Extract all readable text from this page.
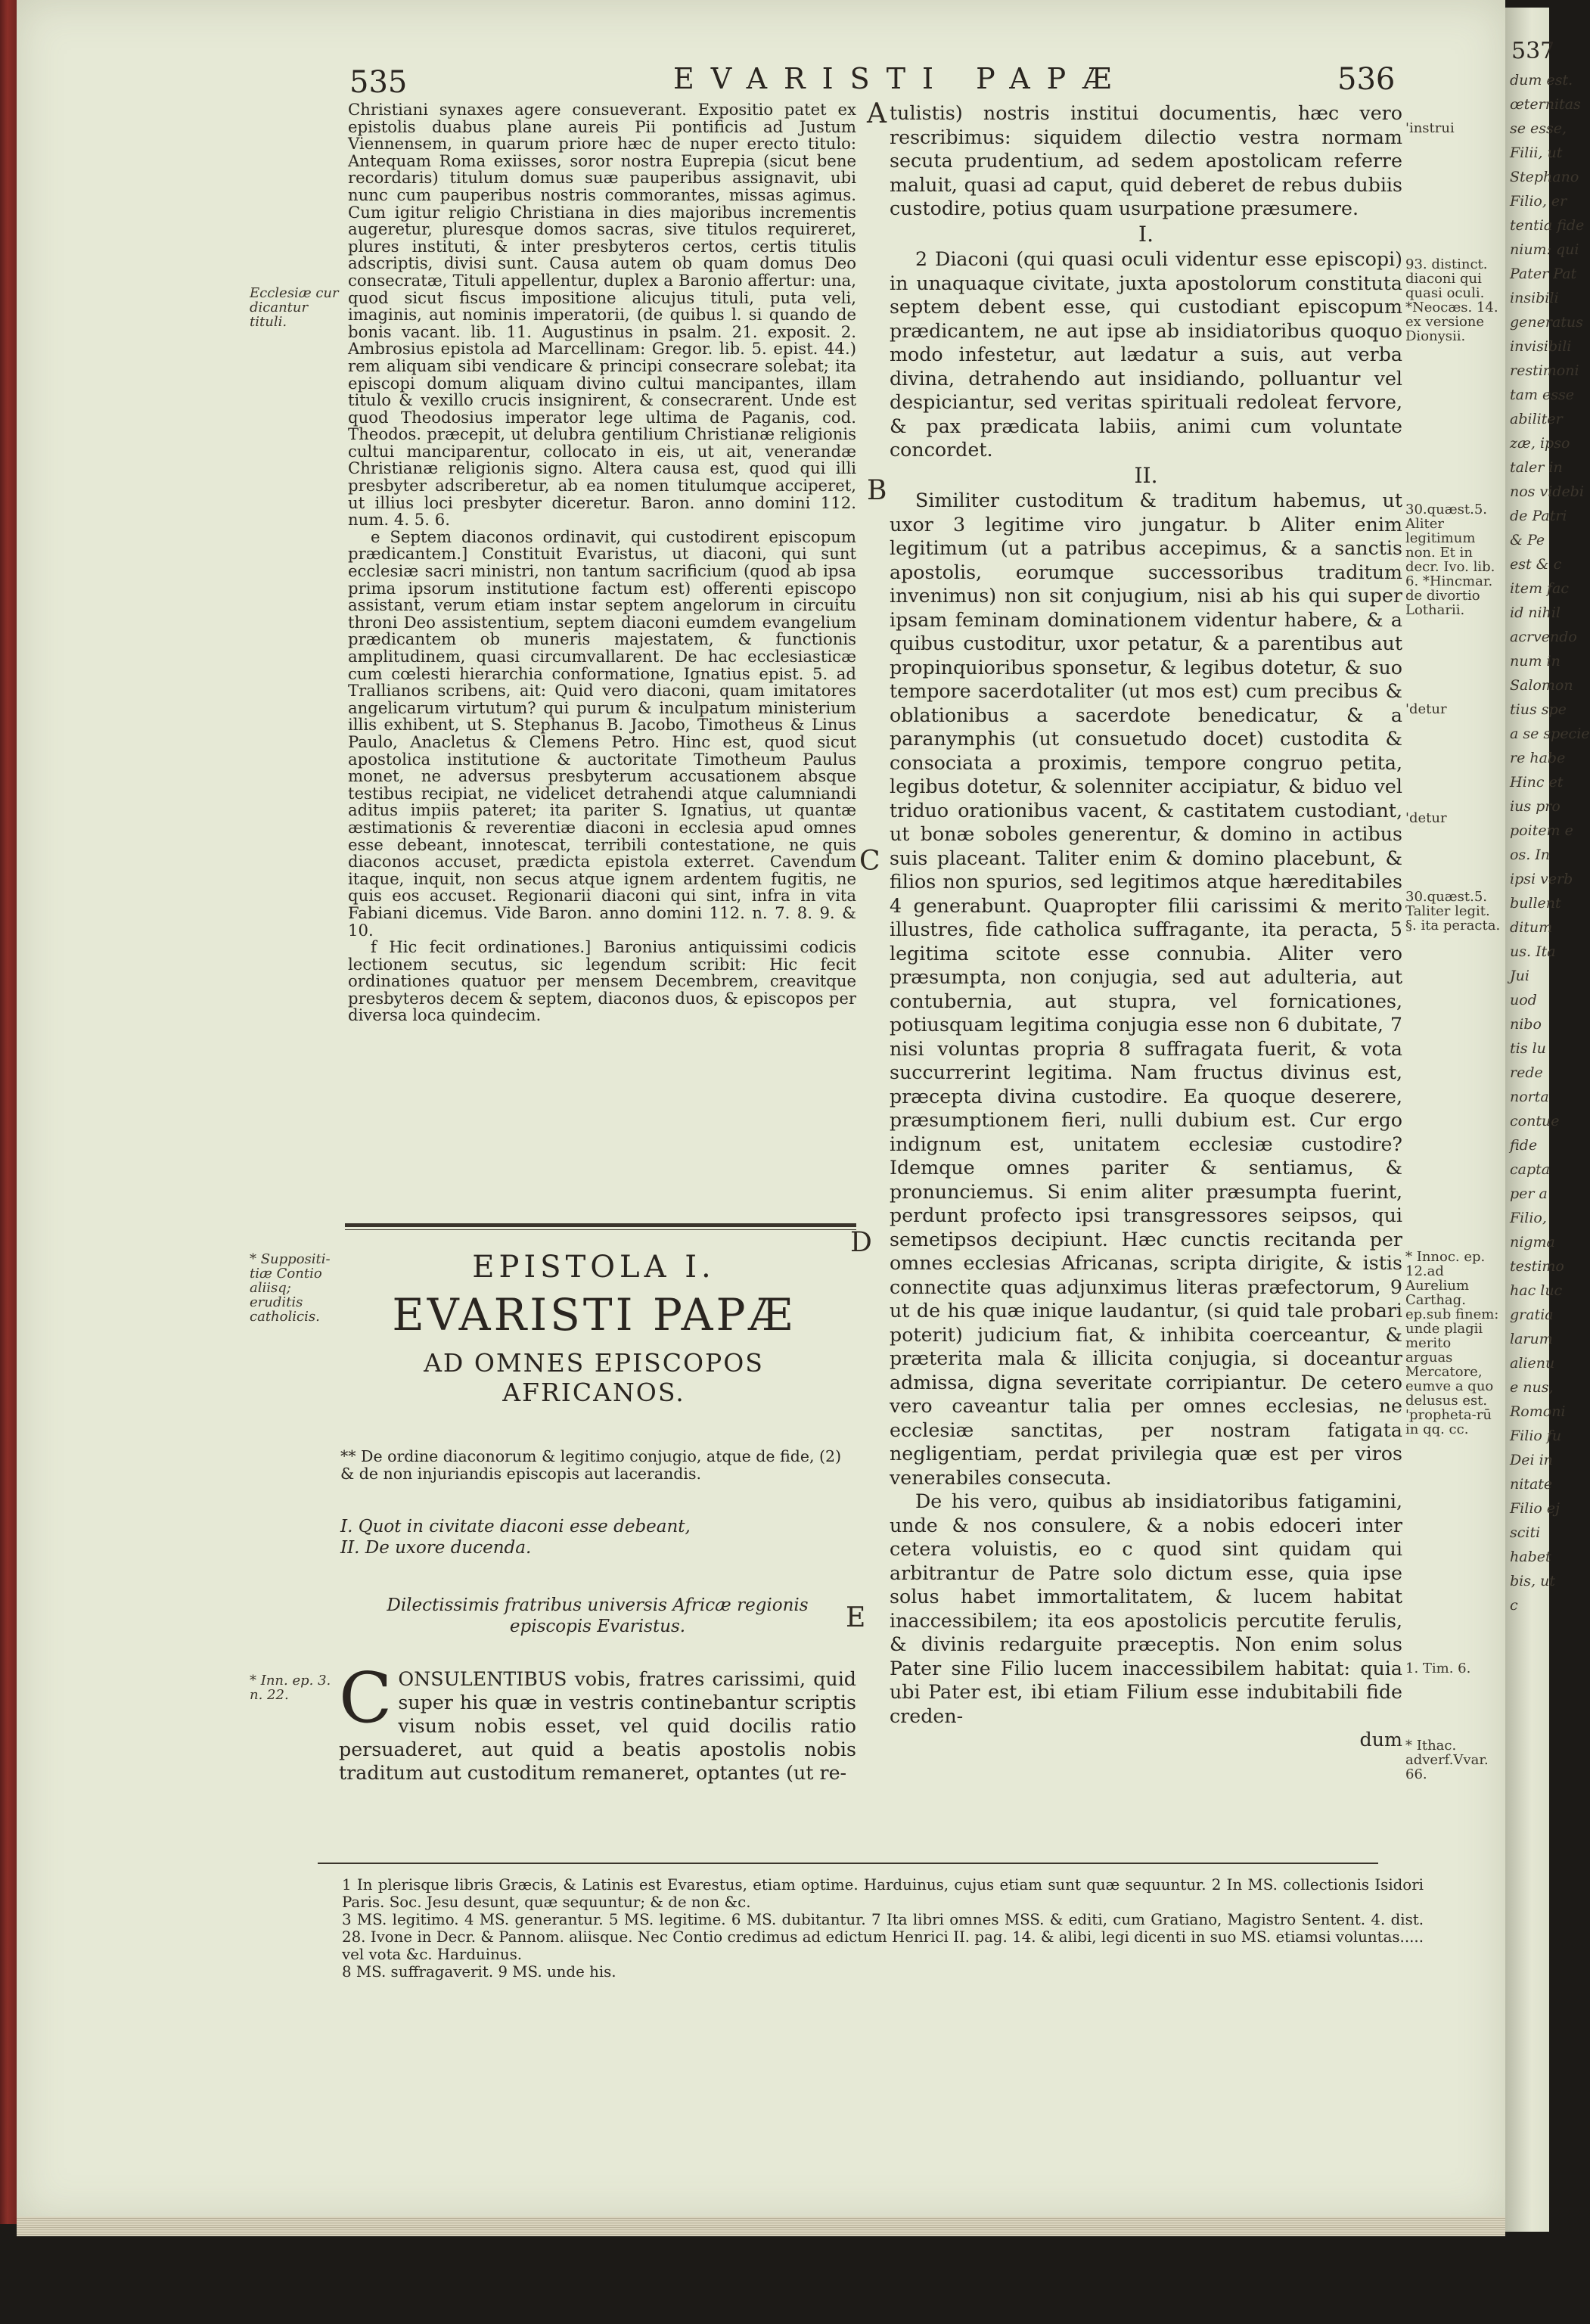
537
dum est.
œternitas
se esse,
Filii, ut
Stephano
Filio, er
tentia fide
nium: qui
Pater Pat
insibili
generatus
invisibili
restimoni
tam esse
abiliter
zæ, ipso
taler in
nos videbi
de Patri
& Pe
est & c
item fac
id nihil
acrvendo
num in
Salomon
tius spe
a se specie
re habe
Hinc et
ius pro
poitem e
os. In
ipsi verb
bullent
ditum
us. Ita
Jui
uod
nibo
tis lu
rede
norta
contue
fide
capta
per a
Filio,
nigma
testimo
hac luc
gratia
larum
alienu
e nus,
Romoni
Filio fu
Dei in
nitate
Filio ej
sciti
habet
bis, ut
c
535	EVARISTI PAPÆ	536

Christiani synaxes agere consueverant. Expositio patet ex epistolis duabus plane aureis Pii pontificis ad Justum Viennensem, in quarum priore hæc de nuper erecto titulo: Antequam Roma exiisses, soror nostra Euprepia (sicut bene recordaris) titulum domus suæ pauperibus assignavit, ubi nunc cum pauperibus nostris commorantes, missas agimus. Cum igitur religio Christiana in dies majoribus incrementis augeretur, pluresque domos sacras, sive titulos requireret, plures instituti, & inter presbyteros certos, certis titulis adscriptis, divisi sunt. Causa autem ob quam domus Deo consecratæ, Tituli appellentur, duplex a Baronio affertur: una, quod sicut fiscus impositione alicujus tituli, puta veli, imaginis, aut nominis imperatorii, (de quibus l. si quando de bonis vacant. lib. 11. Augustinus in psalm. 21. exposit. 2. Ambrosius epistola ad Marcellinam: Gregor. lib. 5. epist. 44.) rem aliquam sibi vendicare & principi consecrare solebat; ita episcopi domum aliquam divino cultui mancipantes, illam titulo & vexillo crucis insignirent, & consecrarent. Unde est quod Theodosius imperator lege ultima de Paganis, cod. Theodos. præcepit, ut delubra gentilium Christianæ religionis cultui manciparentur, collocato in eis, ut ait, venerandæ Christianæ religionis signo. Altera causa est, quod qui illi presbyter adscriberetur, ab ea nomen titulumque acciperet, ut illius loci presbyter diceretur. Baron. anno domini 112. num. 4. 5. 6.

e Septem diaconos ordinavit, qui custodirent episcopum prædicantem.] Constituit Evaristus, ut diaconi, qui sunt ecclesiæ sacri ministri, non tantum sacrificium (quod ab ipsa prima ipsorum institutione factum est) offerenti episcopo assistant, verum etiam instar septem angelorum in circuitu throni Deo assistentium, septem diaconi eumdem evangelium prædicantem ob muneris majestatem, & functionis amplitudinem, quasi circumvallarent. De hac ecclesiasticæ cum cœlesti hierarchia conformatione, Ignatius epist. 5. ad Trallianos scribens, ait: Quid vero diaconi, quam imitatores angelicarum virtutum? qui purum & inculpatum ministerium illis exhibent, ut S. Stephanus B. Jacobo, Timotheus & Linus Paulo, Anacletus & Clemens Petro. Hinc est, quod sicut apostolica institutione & auctoritate Timotheum Paulus monet, ne adversus presbyterum accusationem absque testibus recipiat, ne videlicet detrahendi atque calumniandi aditus impiis pateret; ita pariter S. Ignatius, ut quantæ æstimationis & reverentiæ diaconi in ecclesia apud omnes esse debeant, innotescat, terribili contestatione, ne quis diaconos accuset, prædicta epistola exterret. Cavendum itaque, inquit, non secus atque ignem ardentem fugitis, ne quis eos accuset. Regionarii diaconi qui sint, infra in vita Fabiani dicemus. Vide Baron. anno domini 112. n. 7. 8. 9. & 10.

f Hic fecit ordinationes.] Baronius antiquissimi codicis lectionem secutus, sic legendum scribit: Hic fecit ordinationes quatuor per mensem Decembrem, creavitque presbyteros decem & septem, diaconos duos, & episcopos per diversa loca quindecim.

Ecclesiæ cur dicantur tituli.
* Suppositi-tiæ Contio aliisq; eruditis catholicis.
* Inn. ep. 3. n. 22.
EPISTOLA I.
EVARISTI PAPÆ
AD OMNES EPISCOPOS AFRICANOS.
** De ordine diaconorum & legitimo conjugio, atque de fide, (2) & de non injuriandis episcopis aut lacerandis.
I. Quot in civitate diaconi esse debeant,
II. De uxore ducenda.
Dilectissimis fratribus universis Africæ regionis episcopis Evaristus.
C ONSULENTIBUS vobis, fratres carissimi, quid super his quæ in vestris continebantur scriptis visum nobis esset, vel quid docilis ratio persuaderet, aut quid a beatis apostolis nobis traditum aut custoditum remaneret, optantes (ut re-

tulistis) nostris institui documentis, hæc vero rescribimus: siquidem dilectio vestra normam secuta prudentium, ad sedem apostolicam referre maluit, quasi ad caput, quid deberet de rebus dubiis custodire, potius quam usurpatione præsumere.

I.

2 Diaconi (qui quasi oculi videntur esse episcopi) in unaquaque civitate, juxta apostolorum constituta septem debent esse, qui custodiant episcopum prædicantem, ne aut ipse ab insidiatoribus quoquo modo infestetur, aut lædatur a suis, aut verba divina, detrahendo aut insidiando, polluantur vel despiciantur, sed veritas spirituali redoleat fervore, & pax prædicata labiis, animi cum voluntate concordet.

II.

Similiter custoditum & traditum habemus, ut uxor 3 legitime viro jungatur. b Aliter enim legitimum (ut a patribus accepimus, & a sanctis apostolis, eorumque successoribus traditum invenimus) non sit conjugium, nisi ab his qui super ipsam feminam dominationem videntur habere, & a quibus custoditur, uxor petatur, & a parentibus aut propinquioribus sponsetur, & legibus dotetur, & suo tempore sacerdotaliter (ut mos est) cum precibus & oblationibus a sacerdote benedicatur, & a paranymphis (ut consuetudo docet) custodita & consociata a proximis, tempore congruo petita, legibus dotetur, & solenniter accipiatur, & biduo vel triduo orationibus vacent, & castitatem custodiant, ut bonæ soboles generentur, & domino in actibus suis placeant. Taliter enim & domino placebunt, & filios non spurios, sed legitimos atque hæreditabiles 4 generabunt. Quapropter filii carissimi & merito illustres, fide catholica suffragante, ita peracta, 5 legitima scitote esse connubia. Aliter vero præsumpta, non conjugia, sed aut adulteria, aut contubernia, aut stupra, vel fornicationes, potiusquam legitima conjugia esse non 6 dubitate, 7 nisi voluntas propria 8 suffragata fuerit, & vota succurrerint legitima. Nam fructus divinus est, præcepta divina custodire. Ea quoque deserere, præsumptionem fieri, nulli dubium est. Cur ergo indignum est, unitatem ecclesiæ custodire? Idemque omnes pariter & sentiamus, & pronunciemus. Si enim aliter præsumpta fuerint, perdunt profecto ipsi transgressores seipsos, qui semetipsos decipiunt. Hæc cunctis recitanda per omnes ecclesias Africanas, scripta dirigite, & istis connectite quas adjunximus literas præfectorum, 9 ut de his quæ inique laudantur, (si quid tale probari poterit) judicium fiat, & inhibita coerceantur, & præterita mala & illicita conjugia, si doceantur admissa, digna severitate corripiantur. De cetero vero caveantur talia per omnes ecclesias, ne ecclesiæ sanctitas, per nostram fatigata negligentiam, perdat privilegia quæ est per viros venerabiles consecuta.

De his vero, quibus ab insidiatoribus fatigamini, unde & nos consulere, & a nobis edoceri inter cetera voluistis, eo c quod sint quidam qui arbitrantur de Patre solo dictum esse, quia ipse solus habet immortalitatem, & lucem habitat inaccessibilem; ita eos apostolicis percutite ferulis, & divinis redarguite præceptis. Non enim solus Pater sine Filio lucem inaccessibilem habitat: quia ubi Pater est, ibi etiam Filium esse indubitabili fide creden-

dum

A
B
C
D
E
'instrui
93. distinct. diaconi qui quasi oculi. *Neocæs. 14. ex versione Dionysii.
30.quæst.5. Aliter legitimum non. Et in decr. Ivo. lib. 6. *Hincmar. de divortio Lotharii.
'detur
'detur
30.quæst.5. Taliter legit. §. ita peracta.
* Innoc. ep. 12.ad Aurelium Carthag. ep.sub finem: unde plagii merito arguas Mercatore, eumve a quo delusus est. 'propheta-rū in qq. cc.
1. Tim. 6.
* Ithac. adverf.Vvar. 66.

1 In plerisque libris Græcis, & Latinis est Evarestus, etiam optime. Harduinus, cujus etiam sunt quæ sequuntur. 2 In MS. collectionis Isidori Paris. Soc. Jesu desunt, quæ sequuntur; & de non &c.

3 MS. legitimo. 4 MS. generantur. 5 MS. legitime. 6 MS. dubitantur. 7 Ita libri omnes MSS. & editi, cum Gratiano, Magistro Sentent. 4. dist. 28. Ivone in Decr. & Pannom. aliisque. Nec Contio credimus ad edictum Henrici II. pag. 14. & alibi, legi dicenti in suo MS. etiamsi voluntas..... vel vota &c. Harduinus.

8 MS. suffragaverit. 9 MS. unde his.
